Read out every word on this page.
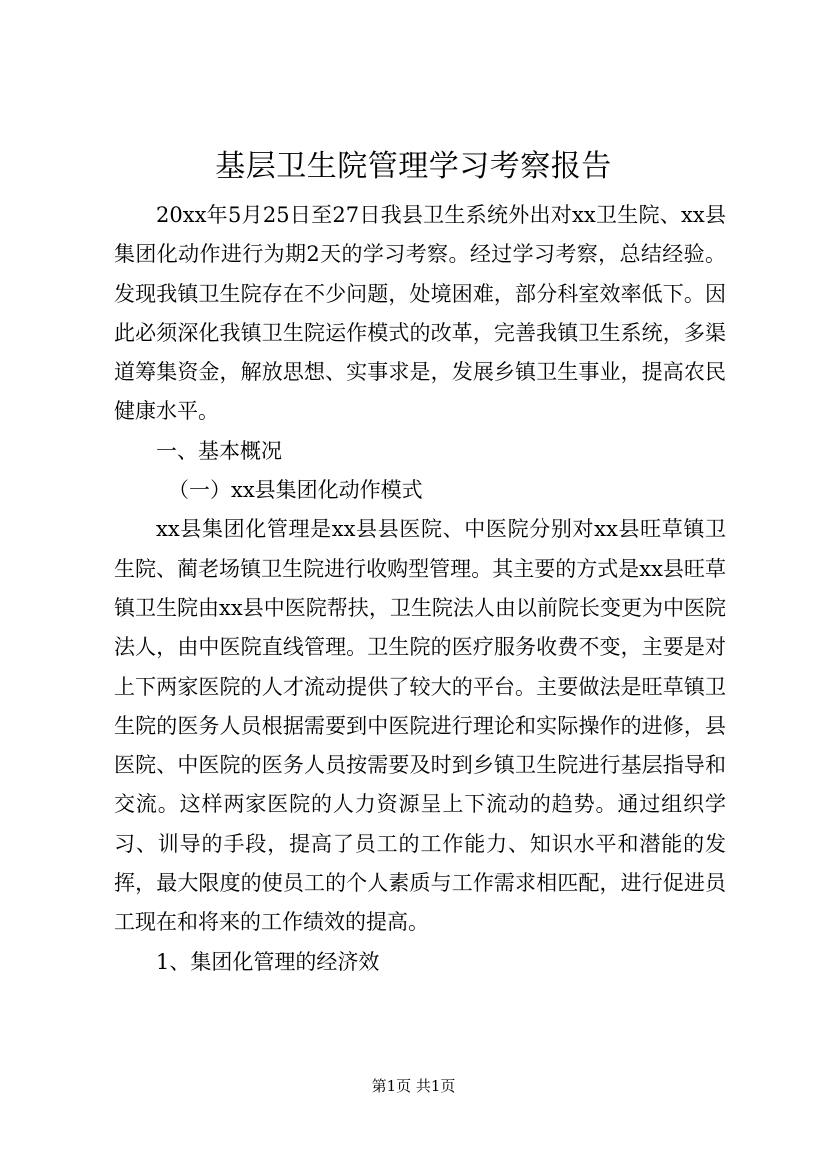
基层卫生院管理学习考察报告

20xx年5月25日至27日我县卫生系统外出对xx卫生院、xx县集团化动作进行为期2天的学习考察。经过学习考察，总结经验。发现我镇卫生院存在不少问题，处境困难，部分科室效率低下。因此必须深化我镇卫生院运作模式的改革，完善我镇卫生系统，多渠道筹集资金，解放思想、实事求是，发展乡镇卫生事业，提高农民健康水平。

一、基本概况

（一）xx县集团化动作模式

xx县集团化管理是xx县县医院、中医院分别对xx县旺草镇卫生院、蔺老场镇卫生院进行收购型管理。其主要的方式是xx县旺草镇卫生院由xx县中医院帮扶，卫生院法人由以前院长变更为中医院法人，由中医院直线管理。卫生院的医疗服务收费不变，主要是对上下两家医院的人才流动提供了较大的平台。主要做法是旺草镇卫生院的医务人员根据需要到中医院进行理论和实际操作的进修，县医院、中医院的医务人员按需要及时到乡镇卫生院进行基层指导和交流。这样两家医院的人力资源呈上下流动的趋势。通过组织学习、训导的手段，提高了员工的工作能力、知识水平和潜能的发挥，最大限度的使员工的个人素质与工作需求相匹配，进行促进员工现在和将来的工作绩效的提高。

1、集团化管理的经济效

第1页 共1页
